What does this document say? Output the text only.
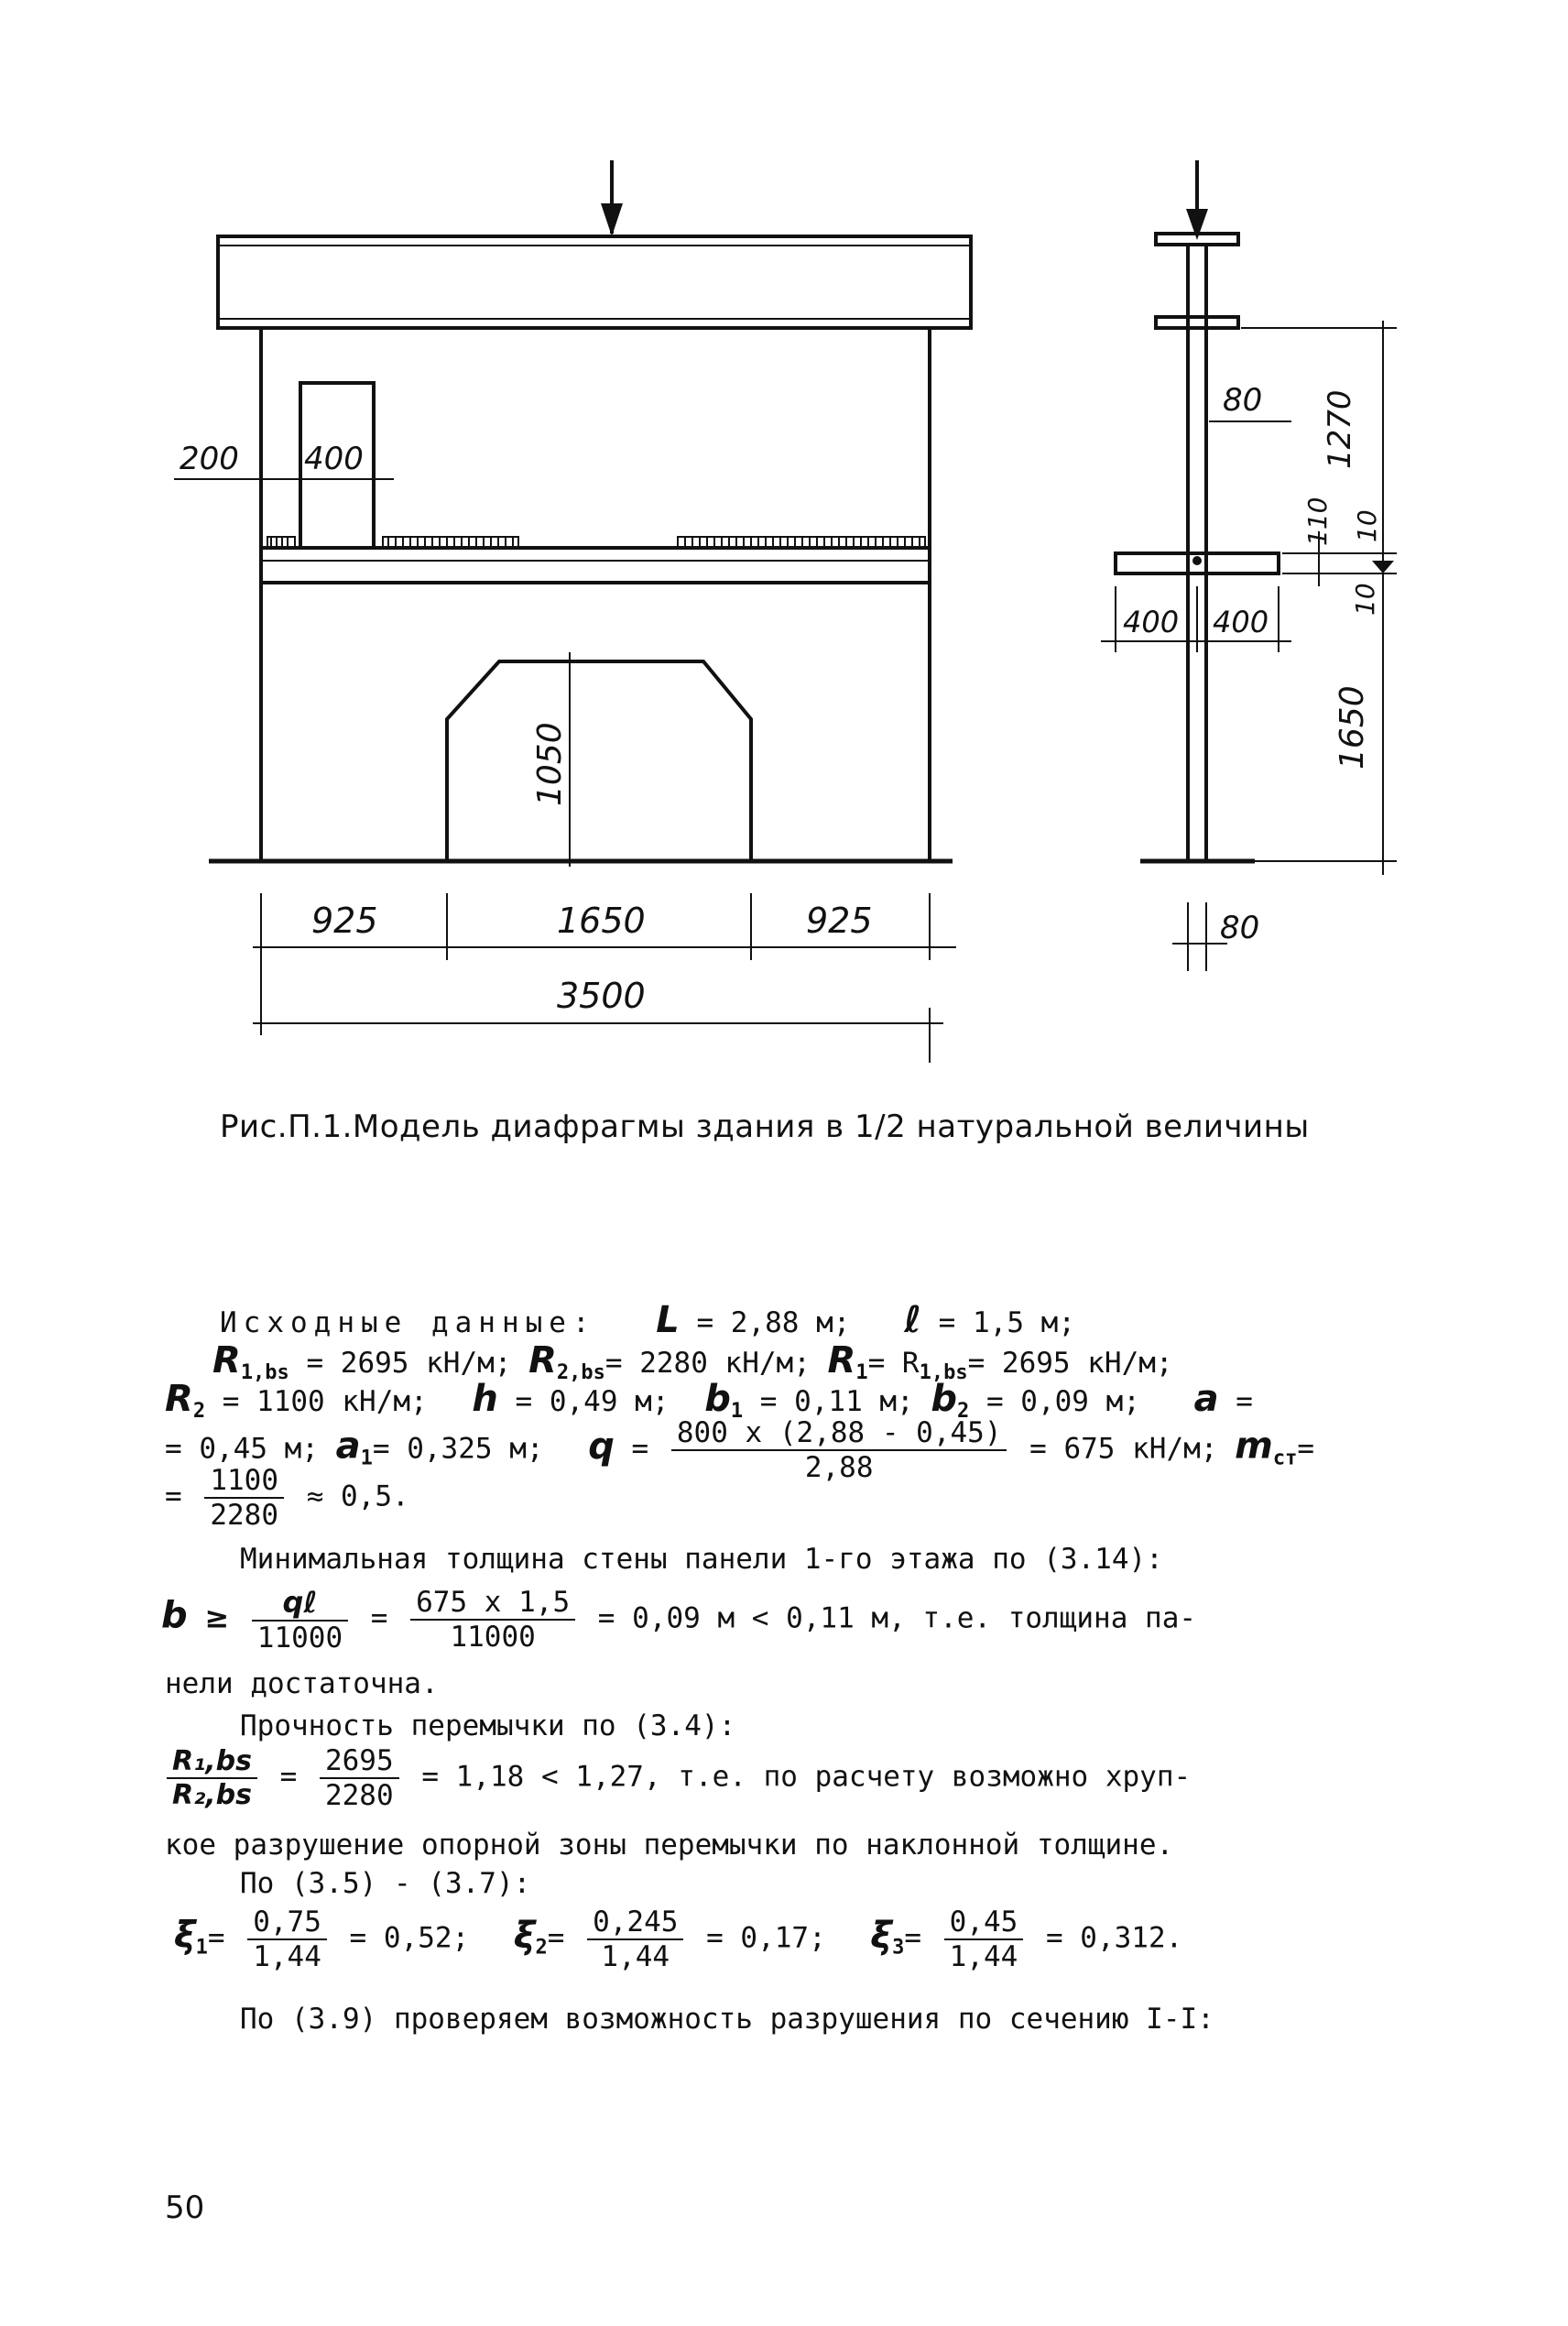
200 400
1050
925	1650	925
3500
80 1270
110 10
10
400 400
1650
80
Рис.П.1.Модель диафрагмы здания в 1/2 натуральной величины
Исходные данные: L = 2,88 м; ℓ = 1,5 м;
$R_{1,bs} = 2695$ кН/м; $R_{2,bs}= 2280$ кН/м; $R_1= R_{1,bs}= 2695$ кН/м;
$R_2 = 1100$ кН/м; h = 0,49 м; $b_1 = 0,11$ м; $b_2 = 0,09$ м; a =
= 0,45 м; $a_1= 0,325$ м; $q = \frac{800 x (2,88 - 0,45)}{2,88} = 675$ кН/м; $m_{ст}=$
= $\frac{1100}{2280} \approx 0,5$.
Минимальная толщина стены панели 1-го этажа по (3.14):
$b \ge \frac{\text{qℓ}}{11000} = \frac{675 x 1,5}{11000} = 0,09$ м < 0,11 м, т.е. толщина па-
нели достаточна.
Прочность перемычки по (3.4):
$\frac{\text{R₁,bs}}{\text{R₂,bs}} = \frac{2695}{2280} = 1,18 < 1,27$, т.е. по расчету возможно хруп-
кое разрушение опорной зоны перемычки по наклонной толщине.
По (3.5) - (3.7):
$\xi_1= \frac{0,75}{1,44} = 0,52$; $\xi_2= \frac{0,245}{1,44} = 0,17$; $\xi_3= \frac{0,45}{1,44} = 0,312$.
По (3.9) проверяем возможность разрушения по сечению I-I:
50
